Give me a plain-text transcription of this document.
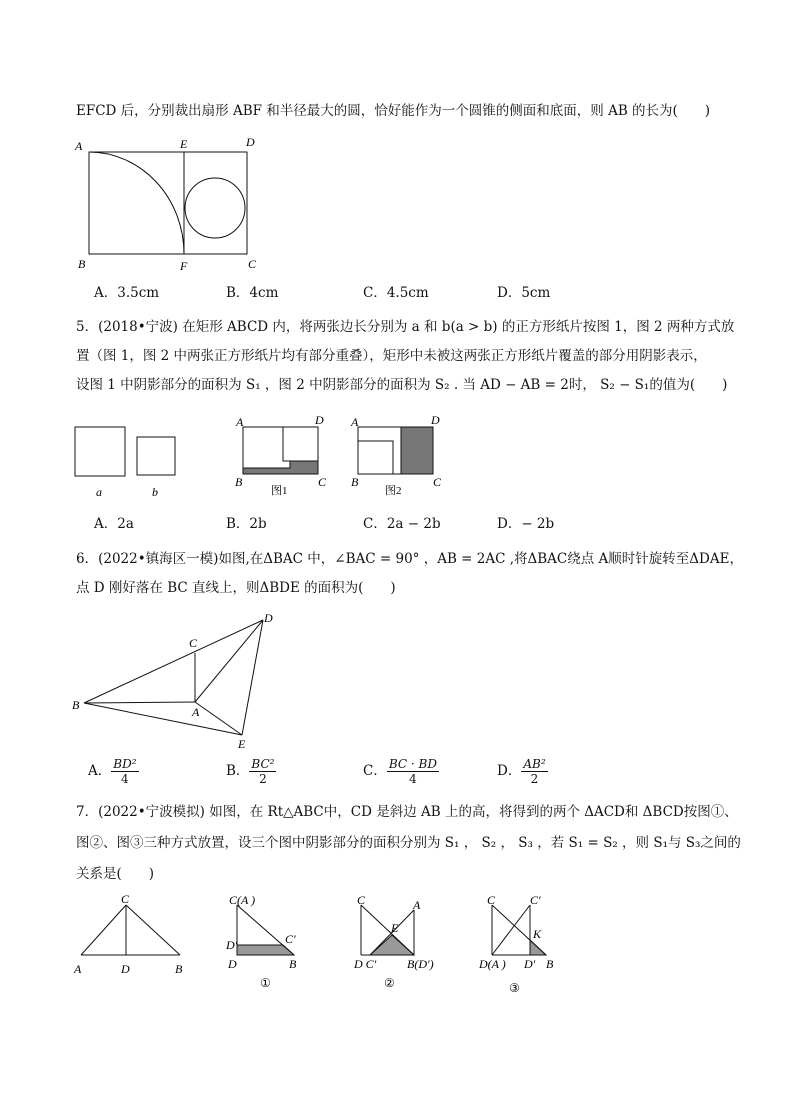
EFCD 后，分别裁出扇形 ABF 和半径最大的圆，恰好能作为一个圆锥的侧面和底面，则 AB 的长为(　　)
A	E	D
B	F	C
A．3.5cm	B．4cm	C．4.5cm	D．5cm
5．(2018•宁波) 在矩形 ABCD 内，将两张边长分别为 a 和 b(a > b) 的正方形纸片按图 1，图 2 两种方式放
置（图 1，图 2 中两张正方形纸片均有部分重叠），矩形中未被这两张正方形纸片覆盖的部分用阴影表示，
设图 1 中阴影部分的面积为 S₁ ，图 2 中阴影部分的面积为 S₂ . 当 AD − AB = 2时， S₂ − S₁的值为(　　)
a	b
A	D
B	C
图1
A	D
B	C
图2
A．2a	B．2b	C．2a − 2b	D．− 2b
6．(2022•镇海区一模)如图,在ΔBAC 中，∠BAC = 90° ，AB = 2AC ,将ΔBAC绕点 A顺时针旋转至ΔDAE，
点 D 刚好落在 BC 直线上，则ΔBDE 的面积为(　　)
C
D
B	A
E
A． $\frac{\text{BD²}}{4}$	B． $\frac{\text{BC²}}{2}$	C． $\frac{BC \cdot BD}{4}$	D． $\frac{\text{AB²}}{2}$
7．(2022•宁波模拟) 如图，在 Rt△ABC中，CD 是斜边 AB 上的高，将得到的两个 ΔACD和 ΔBCD按图①、
图②、图③三种方式放置，设三个图中阴影部分的面积分别为 S₁ ， S₂ ， S₃ ，若 S₁ = S₂ ，则 S₁与 S₃之间的
关系是(　　)
C
A	D	B
C(A )
D′	C′
D	B
①
C	A
E
D C′	B(D′)
②
C	C′
K
D(A ) D′ B
③
